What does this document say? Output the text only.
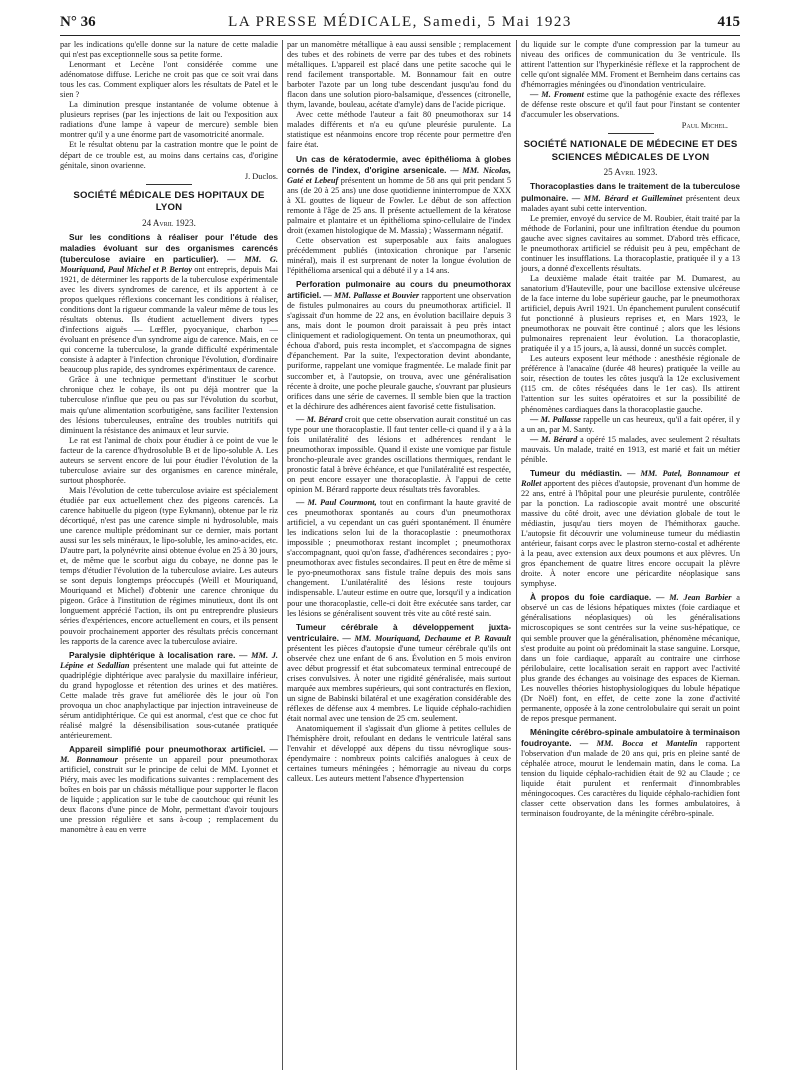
N° 36	LA PRESSE MÉDICALE, Samedi, 5 Mai 1923	415

par les indications qu'elle donne sur la nature de cette maladie qui n'est pas exceptionnelle sous sa petite forme.

Lenormant et Lecène l'ont considérée comme une adénomatose diffuse. Leriche ne croit pas que ce soit vrai dans tous les cas. Comment expliquer alors les résultats de Patel et le sien ?

La diminution presque instantanée de volume obtenue à plusieurs reprises (par les injections de lait ou l'exposition aux radiations d'une lampe à vapeur de mercure) semble bien montrer qu'il y a une énorme part de vasomotricité anormale.

Et le résultat obtenu par la castration montre que le point de départ de ce trouble est, au moins dans certains cas, d'origine génitale, sinon ovarienne.

J. Duclos.
SOCIÉTÉ MÉDICALE DES HOPITAUX DE LYON
24 Avril 1923.

Sur les conditions à réaliser pour l'étude des maladies évoluant sur des organismes carencés (tuberculose aviaire en particulier). — MM. G. Mouriquand, Paul Michel et P. Bertoy ont entrepris, depuis Mai 1921, de déterminer les rapports de la tuberculose expérimentale avec les divers syndromes de carence, et ils apportent à ce propos quelques réflexions concernant les conditions à réaliser, conditions dont la rigueur commande la valeur même de tous les résultats obtenus. Ils étudient actuellement divers types d'infections aiguës — Lœffler, pyocyanique, charbon — évoluant en présence d'un syndrome aigu de carence. Mais, en ce qui concerne la tuberculose, la grande difficulté expérimentale consiste à adapter à l'infection chronique l'évolution, d'ordinaire beaucoup plus rapide, des syndromes expérimentaux de carence.

Grâce à une technique permettant d'instituer le scorbut chronique chez le cobaye, ils ont pu déjà montrer que la tuberculose n'influe que peu ou pas sur l'évolution du scorbut, mais qu'une alimentation scorbutigène, sans faciliter l'extension des lésions tuberculeuses, entraîne des troubles nutritifs qui diminuent la résistance des animaux et leur survie.

Le rat est l'animal de choix pour étudier à ce point de vue le facteur de la carence d'hydrosoluble B et de lipo-soluble A. Les auteurs se servent encore de lui pour étudier l'évolution de la tuberculose aviaire sur des organismes en carence minérale, surtout phosphorée.

Mais l'évolution de cette tuberculose aviaire est spécialement étudiée par eux actuellement chez des pigeons carencés. La carence habituelle du pigeon (type Eykmann), obtenue par le riz décortiqué, n'est pas une carence simple ni hydrosoluble, mais une carence multiple prédominant sur ce dernier, mais portant aussi sur les sels minéraux, le lipo-soluble, les amino-acides, etc. D'autre part, la polynévrite ainsi obtenue évolue en 25 à 30 jours, et, de même que le scorbut aigu du cobaye, ne donne pas le temps d'étudier l'évolution de la tuberculose aviaire. Les auteurs se sont depuis longtemps préoccupés (Weill et Mouriquand, Mouriquand et Michel) d'obtenir une carence chronique du pigeon. Grâce à l'institution de régimes minutieux, dont ils ont longuement apprécié l'action, ils ont pu entreprendre plusieurs séries d'expériences, encore actuellement en cours, et ils pensent pouvoir prochainement apporter des résultats précis concernant les rapports de la carence avec la tuberculose aviaire.

Paralysie diphtérique à localisation rare. — MM. J. Lépine et Sedallian présentent une malade qui fut atteinte de quadriplégie diphtérique avec paralysie du maxillaire inférieur, du grand hypoglosse et rétention des urines et des matières. Cette malade très grave fut améliorée dès le jour où l'on provoqua un choc anaphylactique par injection intraveineuse de sérum antidiphtérique. Ce qui est anormal, c'est que ce choc fut réalisé malgré la désensibilisation sous-cutanée pratiquée antérieurement.

Appareil simplifié pour pneumothorax artificiel. — M. Bonnamour présente un appareil pour pneumothorax artificiel, construit sur le principe de celui de MM. Lyonnet et Piéry, mais avec les modifications suivantes : remplacement des boîtes en bois par un châssis métallique pour supporter le flacon de liquide ; application sur le tube de caoutchouc qui réunit les deux flacons d'une pince de Mohr, permettant d'avoir toujours une pression régulière et sans à-coup ; remplacement du manomètre à eau en verre

par un manomètre métallique à eau aussi sensible ; remplacement des tubes et des robinets de verre par des tubes et des robinets métalliques. L'appareil est placé dans une petite sacoche qui le rend facilement transportable. M. Bonnamour fait en outre barboter l'azote par un long tube descendant jusqu'au fond du flacon dans une solution pioro-balsamique, d'essences (citronelle, thym, lavande, bouleau, acétate d'amyle) dans de l'acide picrique.

Avec cette méthode l'auteur a fait 80 pneumothorax sur 14 malades différents et n'a eu qu'une pleurésie purulente. La statistique est néanmoins encore trop récente pour permettre d'en faire état.

Un cas de kératodermie, avec épithélioma à globes cornés de l'index, d'origine arsenicale. — MM. Nicolas, Gaté et Lebeuf présentent un homme de 58 ans qui prit pendant 5 ans (de 20 à 25 ans) une dose quotidienne ininterrompue de XXX à XL gouttes de liqueur de Fowler. Le début de son affection remonte à l'âge de 25 ans. Il présente actuellement de la kératose palmaire et plantaire et un épithélioma spino-cellulaire de l'index droit (examen histologique de M. Massia) ; Wassermann négatif.

Cette observation est superposable aux faits analogues précédemment publiés (intoxication chronique par l'arsenic minéral), mais il est surprenant de noter la longue évolution de l'épithélioma arsenical qui a débuté il y a 14 ans.

Perforation pulmonaire au cours du pneumothorax artificiel. — MM. Pallasse et Bouvier rapportent une observation de fistules pulmonaires au cours du pneumothorax artificiel. Il s'agissait d'un homme de 22 ans, en évolution bacillaire depuis 3 ans, mais dont le poumon droit paraissait à peu près intact cliniquement et radiologiquement. On tenta un pneumothorax, qui échoua d'abord, puis resta incomplet, et s'accompagna de signes d'épanchement. Par la suite, l'expectoration devint abondante, puriforme, rappelant une vomique fragmentée. Le malade finit par succomber et, à l'autopsie, on trouva, avec une généralisation récente à droite, une poche pleurale gauche, s'ouvrant par plusieurs orifices dans une série de cavernes. Il semble bien que la traction et la déchirure des adhérences aient favorisé cette fistulisation.

— M. Bérard croit que cette observation aurait constitué un cas type pour une thoracoplastie. Il faut tenter celle-ci quand il y a à la fois unilatéralité des lésions et adhérences rendant le pneumothorax impossible. Quand il existe une vomique par fistule broncho-pleurale avec grandes oscillations thermiques, rendant le pronostic fatal à brève échéance, et que l'unilatéralité est respectée, on peut encore essayer une thoracoplastie. À l'appui de cette opinion M. Bérard rapporte deux résultats très favorables.

— M. Paul Courmont, tout en confirmant la haute gravité de ces pneumothorax spontanés au cours d'un pneumothorax artificiel, a vu cependant un cas guéri spontanément. Il énumère les indications selon lui de la thoracoplastie : pneumothorax impossible ; pneumothorax restant incomplet ; pneumothorax s'accompagnant, quoi qu'on fasse, d'adhérences secondaires ; pyo-pneumothorax avec fistules secondaires. Il peut en être de même si le pyo-pneumothorax sans fistule traîne depuis des mois sans changement. L'unilatéralité des lésions reste toujours indispensable. L'auteur estime en outre que, lorsqu'il y a indication pour une thoracoplastie, celle-ci doit être exécutée sans tarder, car les lésions se généralisent souvent très vite au côté resté sain.

Tumeur cérébrale à développement juxta-ventriculaire. — MM. Mouriquand, Dechaume et P. Ravault présentent les pièces d'autopsie d'une tumeur cérébrale qu'ils ont observée chez une enfant de 6 ans. Évolution en 5 mois environ avec début progressif et état subcomateux terminal entrecoupé de crises convulsives. À noter une rigidité généralisée, mais surtout marquée aux membres supérieurs, qui sont contracturés en flexion, un signe de Babinski bilatéral et une exagération considérable des réflexes de défense aux 4 membres. Le liquide céphalo-rachidien était normal avec une tension de 25 cm. seulement.

Anatomiquement il s'agissait d'un gliome à petites cellules de l'hémisphère droit, refoulant en dedans le ventricule latéral sans l'envahir et développé aux dépens du tissu névroglique sous-épendymaire : nombreux points calcifiés analogues à ceux de certaines tumeurs méningées ; hémorragie au niveau du corps calleux. Les auteurs mettent l'absence d'hypertension

du liquide sur le compte d'une compression par la tumeur au niveau des orifices de communication du 3e ventricule. Ils attirent l'attention sur l'hyperkinésie réflexe et la rapprochent de celle qu'ont signalée MM. Froment et Bernheim dans certains cas d'hémorragies méningées ou d'inondation ventriculaire.

— M. Froment estime que la pathogénie exacte des réflexes de défense reste obscure et qu'il faut pour l'instant se contenter d'accumuler les observations.

Paul Michel.
SOCIÉTÉ NATIONALE DE MÉDECINE ET DES SCIENCES MÉDICALES DE LYON
25 Avril 1923.

Thoracoplasties dans le traitement de la tuberculose pulmonaire. — MM. Bérard et Guilleminet présentent deux malades ayant subi cette intervention.

Le premier, envoyé du service de M. Roubier, était traité par la méthode de Forlanini, pour une infiltration étendue du poumon gauche avec signes cavitaires au sommet. D'abord très efficace, le pneumothorax artificiel se réduisit peu à peu, empêchant de continuer les insufflations. La thoracoplastie, pratiquée il y a 13 jours, a donné d'excellents résultats.

La deuxième malade était traitée par M. Dumarest, au sanatorium d'Hauteville, pour une bacillose extensive ulcéreuse de la face interne du lobe supérieur gauche, par le pneumothorax artificiel, depuis Avril 1921. Un épanchement purulent consécutif fut ponctionné à plusieurs reprises et, en Mars 1923, le pneumothorax ne pouvait être continué ; alors que les lésions pulmonaires reprenaient leur évolution. La thoracoplastie, pratiquée il y a 15 jours, a, là aussi, donné un succès complet.

Les auteurs exposent leur méthode : anesthésie régionale de préférence à l'anacaïne (durée 48 heures) pratiquée la veille au soir, résection de toutes les côtes jusqu'à la 12e exclusivement (115 cm. de côtes réséquées dans le 1er cas). Ils attirent l'attention sur les suites opératoires et sur la possibilité de phénomènes cardiaques dans la thoracoplastie gauche.

— M. Pallasse rappelle un cas heureux, qu'il a fait opérer, il y a un an, par M. Santy.

— M. Bérard a opéré 15 malades, avec seulement 2 résultats mauvais. Un malade, traité en 1913, est marié et fait un métier pénible.

Tumeur du médiastin. — MM. Patel, Bonnamour et Rollet apportent des pièces d'autopsie, provenant d'un homme de 22 ans, entré à l'hôpital pour une pleurésie purulente, contrôlée par la ponction. La radioscopie avait montré une obscurité massive du côté droit, avec une déviation globale de tout le médiastin, jusqu'au tiers moyen de l'hémithorax gauche. L'autopsie fit découvrir une volumineuse tumeur du médiastin antérieur, faisant corps avec le plastron sterno-costal et adhérente à la peau, avec extension aux deux poumons et aux plèvres. Un gros épanchement de quatre litres encore occupait la plèvre droite. À noter encore une péricardite néoplasique sans symphyse.

À propos du foie cardiaque. — M. Jean Barbier a observé un cas de lésions hépatiques mixtes (foie cardiaque et généralisations néoplasiques) où les généralisations microscopiques se sont centrées sur la veine sus-hépatique, ce qui semble prouver que la généralisation, phénomène mécanique, s'est produite au point où prédominait la stase sanguine. Lorsque, dans un foie cardiaque, apparaît au contraire une cirrhose périlobulaire, cette localisation serait en rapport avec l'activité plus grande des échanges au voisinage des espaces de Kiernan. Les nouvelles théories histophysiologiques du lobule hépatique (Dr Noël) font, en effet, de cette zone la zone d'activité permanente, opposée à la zone centrolobulaire qui serait un point de repos presque permanent.

Méningite cérébro-spinale ambulatoire à terminaison foudroyante. — MM. Bocca et Mantelin rapportent l'observation d'un malade de 20 ans qui, pris en pleine santé de céphalée atroce, mourut le lendemain matin, dans le coma. La tension du liquide céphalo-rachidien était de 92 au Claude ; ce liquide était purulent et renfermait d'innombrables méningocoques. Ces caractères du liquide céphalo-rachidien font classer cette observation dans les formes ambulatoires, à terminaison foudroyante, de la méningite cérébro-spinale.
